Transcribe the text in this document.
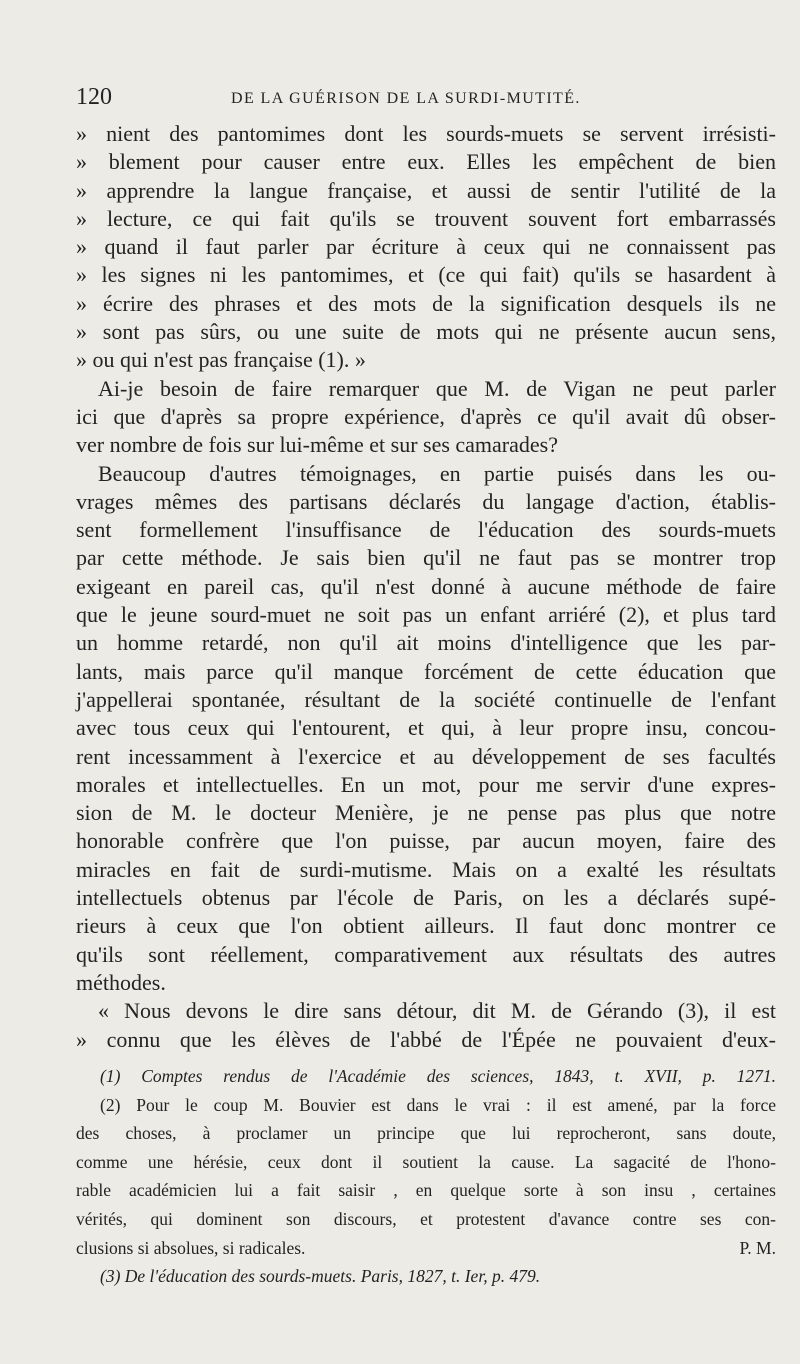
120	DE LA GUÉRISON DE LA SURDI-MUTITÉ.
» nient des pantomimes dont les sourds-muets se servent irrésisti-
» blement pour causer entre eux. Elles les empêchent de bien
» apprendre la langue française, et aussi de sentir l'utilité de la
» lecture, ce qui fait qu'ils se trouvent souvent fort embarrassés
» quand il faut parler par écriture à ceux qui ne connaissent pas
» les signes ni les pantomimes, et (ce qui fait) qu'ils se hasardent à
» écrire des phrases et des mots de la signification desquels ils ne
» sont pas sûrs, ou une suite de mots qui ne présente aucun sens,
» ou qui n'est pas française (1). »
Ai-je besoin de faire remarquer que M. de Vigan ne peut parler
ici que d'après sa propre expérience, d'après ce qu'il avait dû obser-
ver nombre de fois sur lui-même et sur ses camarades?
Beaucoup d'autres témoignages, en partie puisés dans les ou-
vrages mêmes des partisans déclarés du langage d'action, établis-
sent formellement l'insuffisance de l'éducation des sourds-muets
par cette méthode. Je sais bien qu'il ne faut pas se montrer trop
exigeant en pareil cas, qu'il n'est donné à aucune méthode de faire
que le jeune sourd-muet ne soit pas un enfant arriéré (2), et plus tard
un homme retardé, non qu'il ait moins d'intelligence que les par-
lants, mais parce qu'il manque forcément de cette éducation que
j'appellerai spontanée, résultant de la société continuelle de l'enfant
avec tous ceux qui l'entourent, et qui, à leur propre insu, concou-
rent incessamment à l'exercice et au développement de ses facultés
morales et intellectuelles. En un mot, pour me servir d'une expres-
sion de M. le docteur Menière, je ne pense pas plus que notre
honorable confrère que l'on puisse, par aucun moyen, faire des
miracles en fait de surdi-mutisme. Mais on a exalté les résultats
intellectuels obtenus par l'école de Paris, on les a déclarés supé-
rieurs à ceux que l'on obtient ailleurs. Il faut donc montrer ce
qu'ils sont réellement, comparativement aux résultats des autres
méthodes.
« Nous devons le dire sans détour, dit M. de Gérando (3), il est
» connu que les élèves de l'abbé de l'Épée ne pouvaient d'eux-
(1) Comptes rendus de l'Académie des sciences, 1843, t. XVII, p. 1271.
(2) Pour le coup M. Bouvier est dans le vrai : il est amené, par la force
des choses, à proclamer un principe que lui reprocheront, sans doute,
comme une hérésie, ceux dont il soutient la cause. La sagacité de l'hono-
rable académicien lui a fait saisir , en quelque sorte à son insu , certaines
vérités, qui dominent son discours, et protestent d'avance contre ses con-
clusions si absolues, si radicales.	P. M.
(3) De l'éducation des sourds-muets. Paris, 1827, t. Ier, p. 479.
